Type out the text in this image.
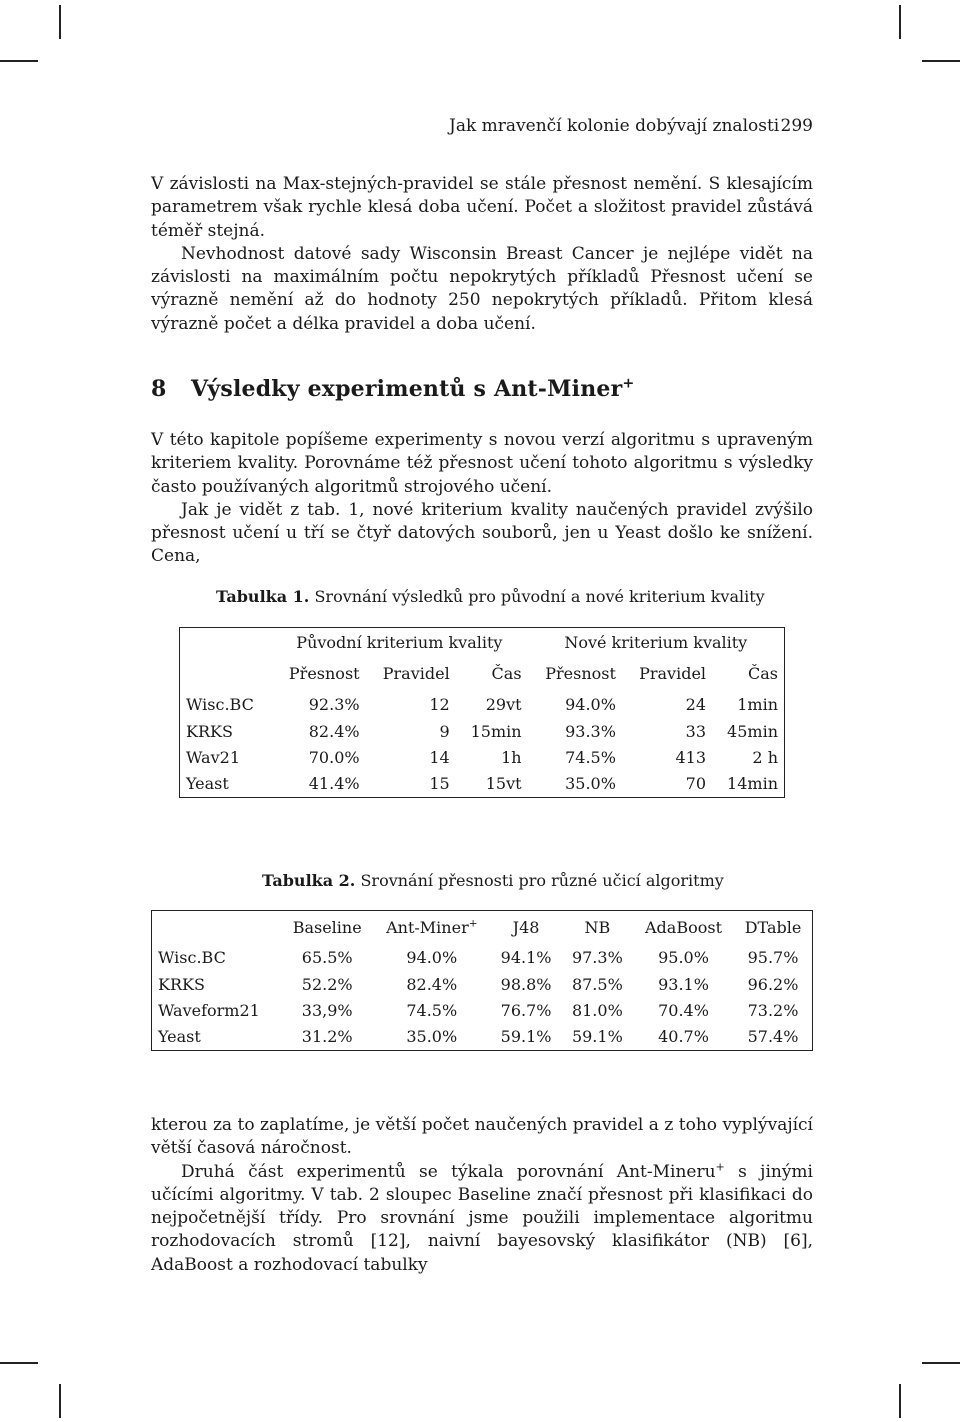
Jak mravenčí kolonie dobývají znalosti 299

V závislosti na Max-stejných-pravidel se stále přesnost nemění. S klesajícím parametrem však rychle klesá doba učení. Počet a složitost pravidel zůstává téměř stejná.

Nevhodnost datové sady Wisconsin Breast Cancer je nejlépe vidět na závislosti na maximálním počtu nepokrytých příkladů Přesnost učení se výrazně nemění až do hodnoty 250 nepokrytých příkladů. Přitom klesá výrazně počet a délka pravidel a doba učení.

8 Výsledky experimentů s Ant-Miner+

V této kapitole popíšeme experimenty s novou verzí algoritmu s upraveným kriteriem kvality. Porovnáme též přesnost učení tohoto algoritmu s výsledky často používaných algoritmů strojového učení.

Jak je vidět z tab. 1, nové kriterium kvality naučených pravidel zvýšilo přesnost učení u tří se čtyř datových souborů, jen u Yeast došlo ke snížení. Cena,

Tabulka 1. Srovnání výsledků pro původní a nové kriterium kvality
	Původní kriterium kvality			Nové kriterium kvality		
	Přesnost	Pravidel	Čas	Přesnost	Pravidel	Čas
Wisc.BC	92.3%	12	29vt	94.0%	24	1min
KRKS	82.4%	9	15min	93.3%	33	45min
Wav21	70.0%	14	1h	74.5%	413	2 h
Yeast	41.4%	15	15vt	35.0%	70	14min
Tabulka 2. Srovnání přesnosti pro různé učicí algoritmy
	Baseline	Ant-Miner+	J48	NB	AdaBoost	DTable
Wisc.BC	65.5%	94.0%	94.1%	97.3%	95.0%	95.7%
KRKS	52.2%	82.4%	98.8%	87.5%	93.1%	96.2%
Waveform21	33,9%	74.5%	76.7%	81.0%	70.4%	73.2%
Yeast	31.2%	35.0%	59.1%	59.1%	40.7%	57.4%

kterou za to zaplatíme, je větší počet naučených pravidel a z toho vyplývající větší časová náročnost.

Druhá část experimentů se týkala porovnání Ant-Mineru+ s jinými učícími algoritmy. V tab. 2 sloupec Baseline značí přesnost při klasifikaci do nejpočetnější třídy. Pro srovnání jsme použili implementace algoritmu rozhodovacích stromů [12], naivní bayesovský klasifikátor (NB) [6], AdaBoost a rozhodovací tabulky
